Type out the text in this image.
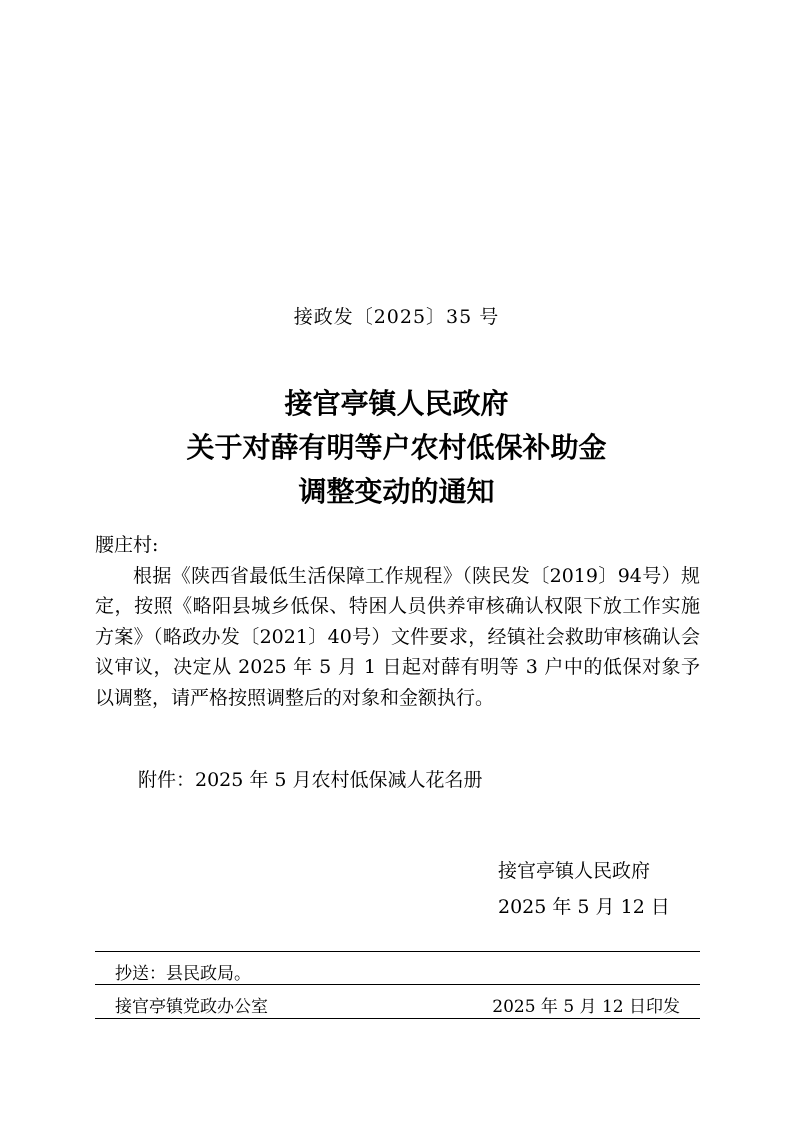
接政发〔2025〕35 号
接官亭镇人民政府
关于对薛有明等户农村低保补助金
调整变动的通知

腰庄村:

根据《陕西省最低生活保障工作规程》（陕民发〔2019〕94号）规定，按照《略阳县城乡低保、特困人员供养审核确认权限下放工作实施方案》（略政办发〔2021〕40号）文件要求，经镇社会救助审核确认会议审议，决定从 2025 年 5 月 1 日起对薛有明等 3 户中的低保对象予以调整，请严格按照调整后的对象和金额执行。

附件：2025 年 5 月农村低保减人花名册
接官亭镇人民政府
2025 年 5 月 12 日
抄送：县民政局。
接官亭镇党政办公室	2025 年 5 月 12 日印发
